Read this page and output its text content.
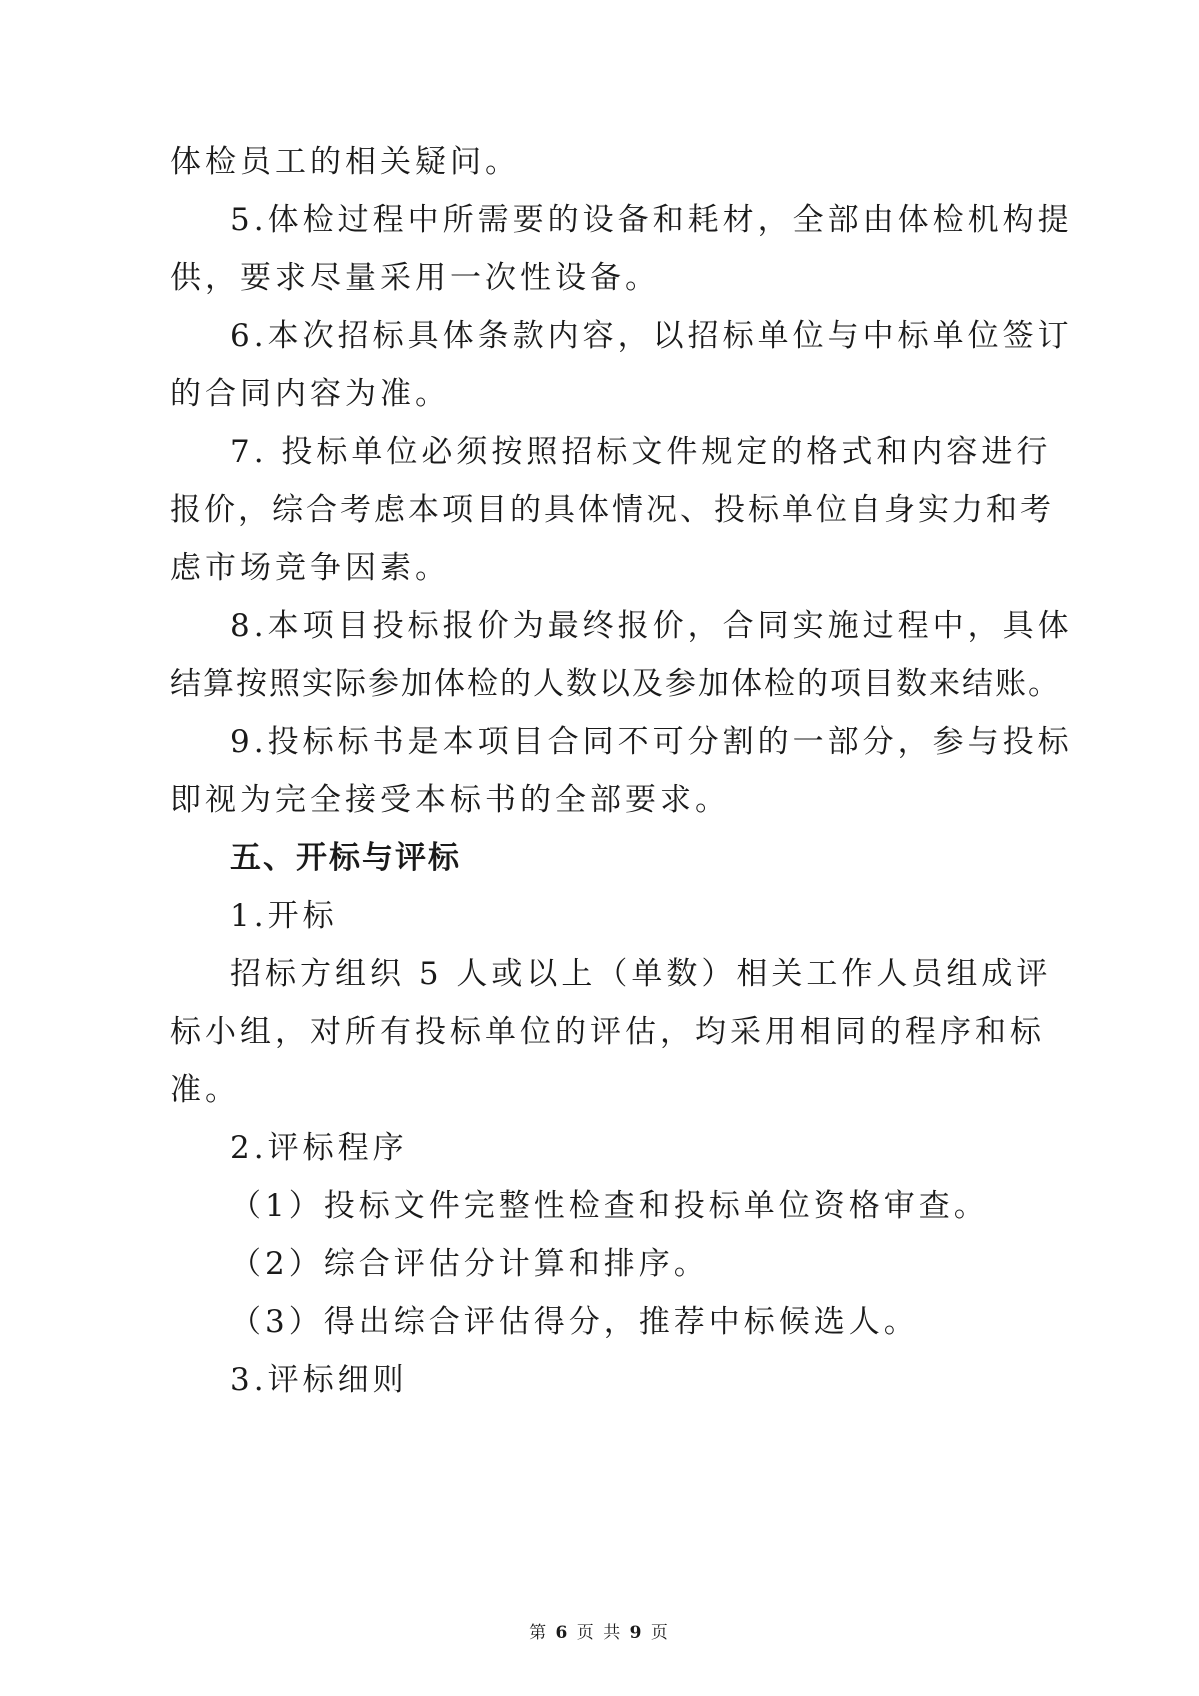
体检员工的相关疑问。
5.体检过程中所需要的设备和耗材，全部由体检机构提
供，要求尽量采用一次性设备。
6.本次招标具体条款内容，以招标单位与中标单位签订
的合同内容为准。
7. 投标单位必须按照招标文件规定的格式和内容进行
报价，综合考虑本项目的具体情况、投标单位自身实力和考
虑市场竞争因素。
8.本项目投标报价为最终报价，合同实施过程中，具体
结算按照实际参加体检的人数以及参加体检的项目数来结账。
9.投标标书是本项目合同不可分割的一部分，参与投标
即视为完全接受本标书的全部要求。
五、开标与评标
1.开标
招标方组织 5 人或以上（单数）相关工作人员组成评
标小组，对所有投标单位的评估，均采用相同的程序和标
准。
2.评标程序
（1）投标文件完整性检查和投标单位资格审查。
（2）综合评估分计算和排序。
（3）得出综合评估得分，推荐中标候选人。
3.评标细则
第 6 页 共 9 页
